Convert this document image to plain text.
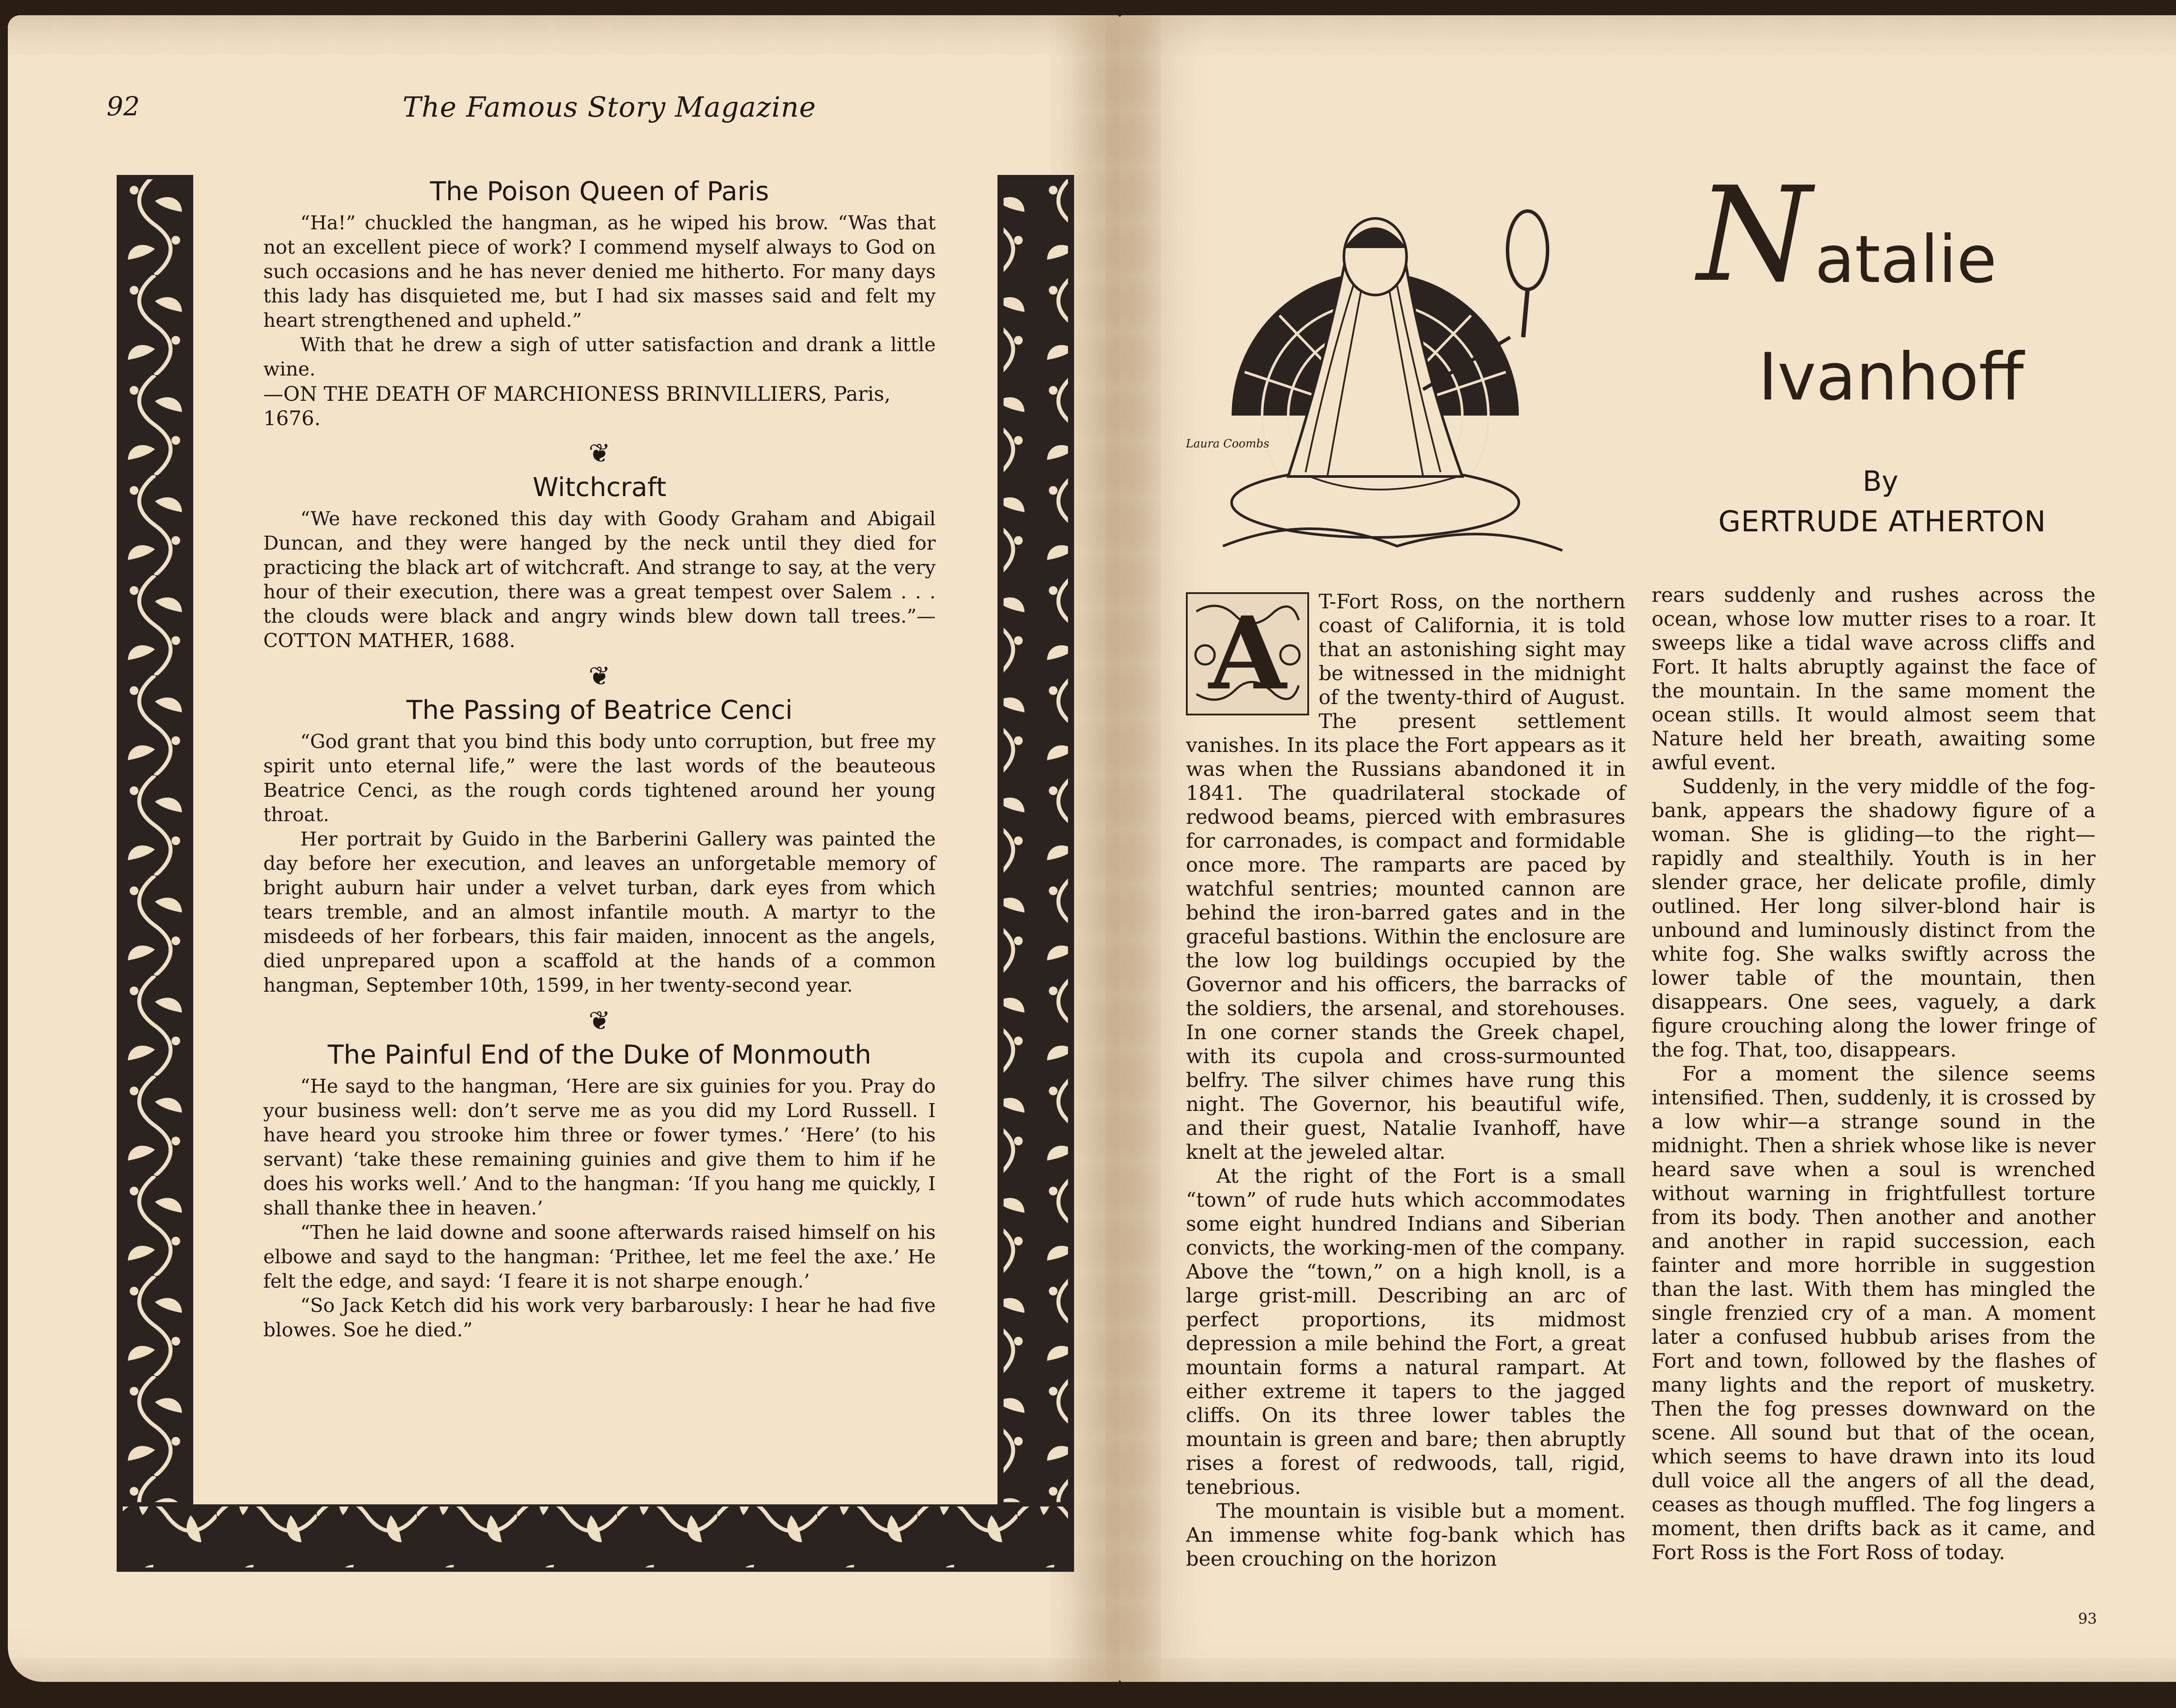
92	The Famous Story Magazine
The Poison Queen of Paris

“Ha!” chuckled the hangman, as he wiped his brow. “Was that not an excellent piece of work? I commend myself always to God on such occasions and he has never denied me hitherto. For many days this lady has disquieted me, but I had six masses said and felt my heart strengthened and upheld.”

With that he drew a sigh of utter satisfaction and drank a little wine.

—ON THE DEATH OF MARCHIONESS BRINVILLIERS, Paris, 1676.
❦
Witchcraft

“We have reckoned this day with Goody Graham and Abigail Duncan, and they were hanged by the neck until they died for practicing the black art of witchcraft. And strange to say, at the very hour of their execution, there was a great tempest over Salem . . . the clouds were black and angry winds blew down tall trees.”—COTTON MATHER, 1688.

❦
The Passing of Beatrice Cenci

“God grant that you bind this body unto corruption, but free my spirit unto eternal life,” were the last words of the beauteous Beatrice Cenci, as the rough cords tightened around her young throat.

Her portrait by Guido in the Barberini Gallery was painted the day before her execution, and leaves an unforgetable memory of bright auburn hair under a velvet turban, dark eyes from which tears tremble, and an almost infantile mouth. A martyr to the misdeeds of her forbears, this fair maiden, innocent as the angels, died unprepared upon a scaffold at the hands of a common hangman, September 10th, 1599, in her twenty-second year.

❦
The Painful End of the Duke of Monmouth

“He sayd to the hangman, ‘Here are six guinies for you. Pray do your business well: don’t serve me as you did my Lord Russell. I have heard you strooke him three or fower tymes.’ ‘Here’ (to his servant) ‘take these remaining guinies and give them to him if he does his works well.’ And to the hangman: ‘If you hang me quickly, I shall thanke thee in heaven.’

“Then he laid downe and soone afterwards raised himself on his elbowe and sayd to the hangman: ‘Prithee, let me feel the axe.’ He felt the edge, and sayd: ‘I feare it is not sharpe enough.’

“So Jack Ketch did his work very barbarously: I hear he had five blowes. Soe he died.”

Laura Coombs
N atalie
Ivanhoff
By
GERTRUDE ATHERTON
A	T-Fort Ross, on the northern coast of California, it is told that an astonishing sight may be witnessed in the midnight of the twenty-third of August. The present settlement vanishes. In its place the Fort appears as it was when the Russians abandoned it in 1841. The quadrilateral stockade of redwood beams, pierced with embrasures for carronades, is compact and formidable once more. The ramparts are paced by watchful sentries; mounted cannon are behind the iron-barred gates and in the graceful bastions. Within the enclosure are the low log buildings occupied by the Governor and his officers, the barracks of the soldiers, the arsenal, and storehouses. In one corner stands the Greek chapel, with its cupola and cross-surmounted belfry. The silver chimes have rung this night. The Governor, his beautiful wife, and their guest, Natalie Ivanhoff, have knelt at the jeweled altar.

At the right of the Fort is a small “town” of rude huts which accommodates some eight hundred Indians and Siberian convicts, the working-men of the company. Above the “town,” on a high knoll, is a large grist-mill. Describing an arc of perfect proportions, its midmost depression a mile behind the Fort, a great mountain forms a natural rampart. At either extreme it tapers to the jagged cliffs. On its three lower tables the mountain is green and bare; then abruptly rises a forest of redwoods, tall, rigid, tenebrious.

The mountain is visible but a moment. An immense white fog-bank which has been crouching on the horizon

rears suddenly and rushes across the ocean, whose low mutter rises to a roar. It sweeps like a tidal wave across cliffs and Fort. It halts abruptly against the face of the mountain. In the same moment the ocean stills. It would almost seem that Nature held her breath, awaiting some awful event.

Suddenly, in the very middle of the fog-bank, appears the shadowy figure of a woman. She is gliding—to the right—rapidly and stealthily. Youth is in her slender grace, her delicate profile, dimly outlined. Her long silver-blond hair is unbound and luminously distinct from the white fog. She walks swiftly across the lower table of the mountain, then disappears. One sees, vaguely, a dark figure crouching along the lower fringe of the fog. That, too, disappears.

For a moment the silence seems intensified. Then, suddenly, it is crossed by a low whir—a strange sound in the midnight. Then a shriek whose like is never heard save when a soul is wrenched without warning in frightfullest torture from its body. Then another and another and another in rapid succession, each fainter and more horrible in suggestion than the last. With them has mingled the single frenzied cry of a man. A moment later a confused hubbub arises from the Fort and town, followed by the flashes of many lights and the report of musketry. Then the fog presses downward on the scene. All sound but that of the ocean, which seems to have drawn into its loud dull voice all the angers of all the dead, ceases as though muffled. The fog lingers a moment, then drifts back as it came, and Fort Ross is the Fort Ross of today.

93
